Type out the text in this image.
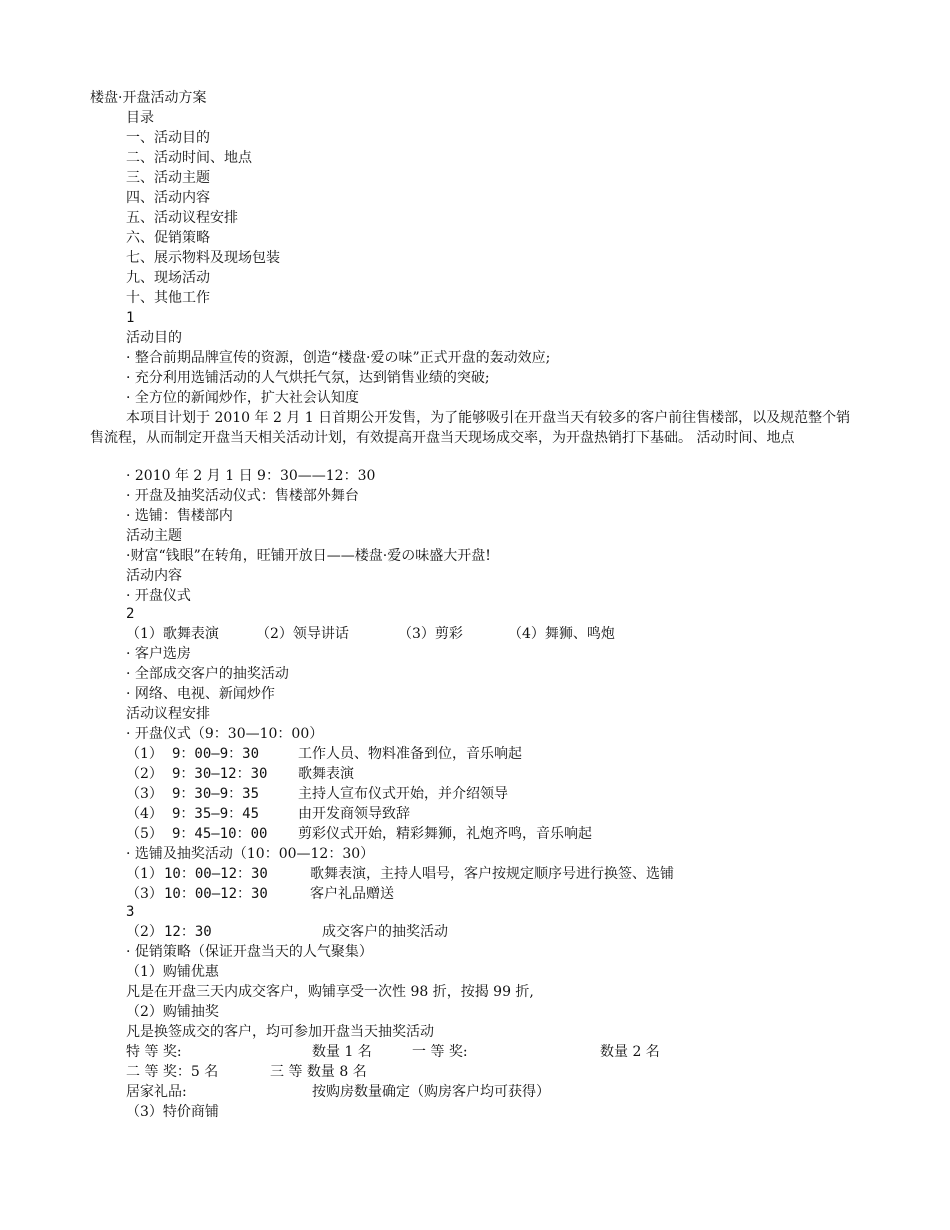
楼盘·开盘活动方案
目录
一、活动目的
二、活动时间、地点
三、活动主题
四、活动内容
五、活动议程安排
六、促销策略
七、展示物料及现场包装
九、现场活动
十、其他工作
1
活动目的
· 整合前期品牌宣传的资源，创造“楼盘·爱の味”正式开盘的轰动效应;
· 充分利用选铺活动的人气烘托气氛，达到销售业绩的突破;
· 全方位的新闻炒作，扩大社会认知度
本项目计划于 2010 年 2 月 1 日首期公开发售，为了能够吸引在开盘当天有较多的客户前往售楼部，以及规范整个销售流程，从而制定开盘当天相关活动计划，有效提高开盘当天现场成交率，为开盘热销打下基础。 活动时间、地点
· 2010 年 2 月 1 日 9：30——12：30
· 开盘及抽奖活动仪式：售楼部外舞台
· 选铺：售楼部内
活动主题
·财富“钱眼”在转角，旺铺开放日——楼盘·爱の味盛大开盘!
活动内容
· 开盘仪式
2
（1）歌舞表演	（2）领导讲话	（3）剪彩	（4）舞狮、鸣炮
· 客户选房
· 全部成交客户的抽奖活动
· 网络、电视、新闻炒作
活动议程安排
· 开盘仪式（9：30—10：00）
（1） 9：00—9：30	工作人员、物料准备到位，音乐响起
（2） 9：30—12：30 歌舞表演
（3） 9：30—9：35	主持人宣布仪式开始，并介绍领导
（4） 9：35—9：45	由开发商领导致辞
（5） 9：45—10：00 剪彩仪式开始，精彩舞狮，礼炮齐鸣，音乐响起
· 选铺及抽奖活动（10：00—12：30）
（1） 10：00—12：30	歌舞表演，主持人唱号，客户按规定顺序号进行换签、选铺
（3） 10：00—12：30	客户礼品赠送
3
（2） 12：30	成交客户的抽奖活动
· 促销策略（保证开盘当天的人气聚集）
（1）购铺优惠
凡是在开盘三天内成交客户，购铺享受一次性 98 折，按揭 99 折,
（2）购铺抽奖
凡是换签成交的客户，均可参加开盘当天抽奖活动
特 等 奖:	数量 1 名	一 等 奖:	数量 2 名
二 等 奖：5 名	三 等 数量 8 名
居家礼品:	按购房数量确定（购房客户均可获得）
（3）特价商铺
